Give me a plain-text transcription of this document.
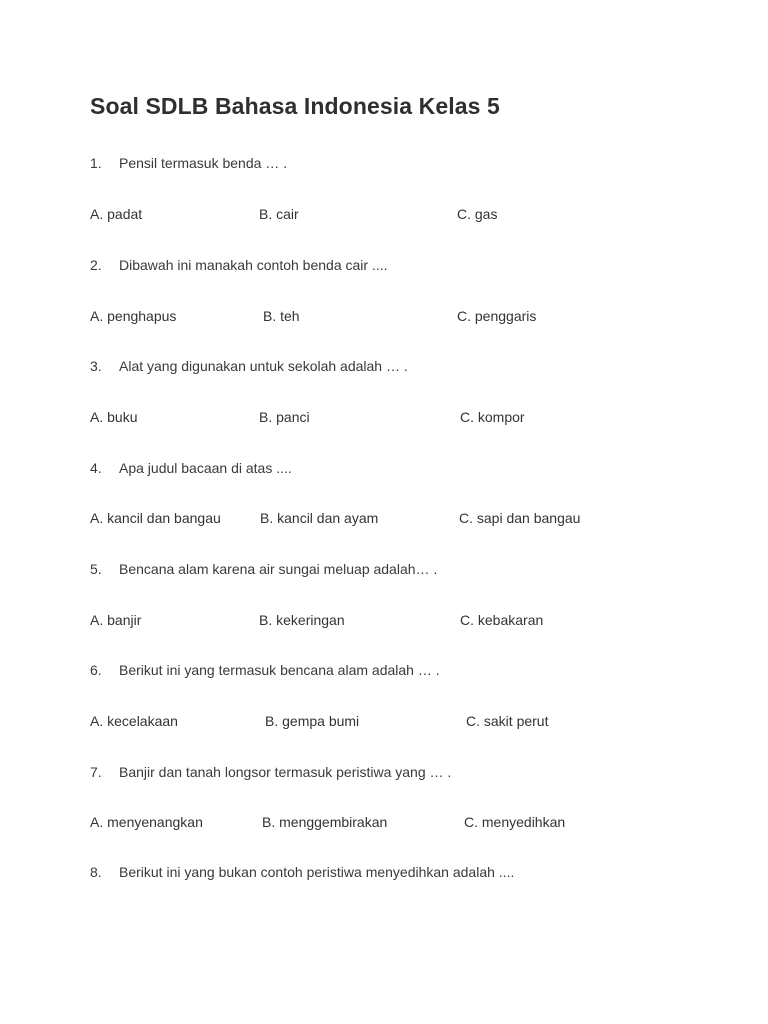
Soal SDLB Bahasa Indonesia Kelas 5
1. Pensil termasuk benda … .
A. padat	B. cair	C. gas
2. Dibawah ini manakah contoh benda cair ....
A. penghapus	B. teh	C. penggaris
3. Alat yang digunakan untuk sekolah adalah … .
A. buku	B. panci	C. kompor
4. Apa judul bacaan di atas ....
A. kancil dan bangau	B. kancil dan ayam	C. sapi dan bangau
5. Bencana alam karena air sungai meluap adalah… .
A. banjir	B. kekeringan	C. kebakaran
6. Berikut ini yang termasuk bencana alam adalah … .
A. kecelakaan	B. gempa bumi	C. sakit perut
7. Banjir dan tanah longsor termasuk peristiwa yang … .
A. menyenangkan	B. menggembirakan	C. menyedihkan
8. Berikut ini yang bukan contoh peristiwa menyedihkan adalah ....
